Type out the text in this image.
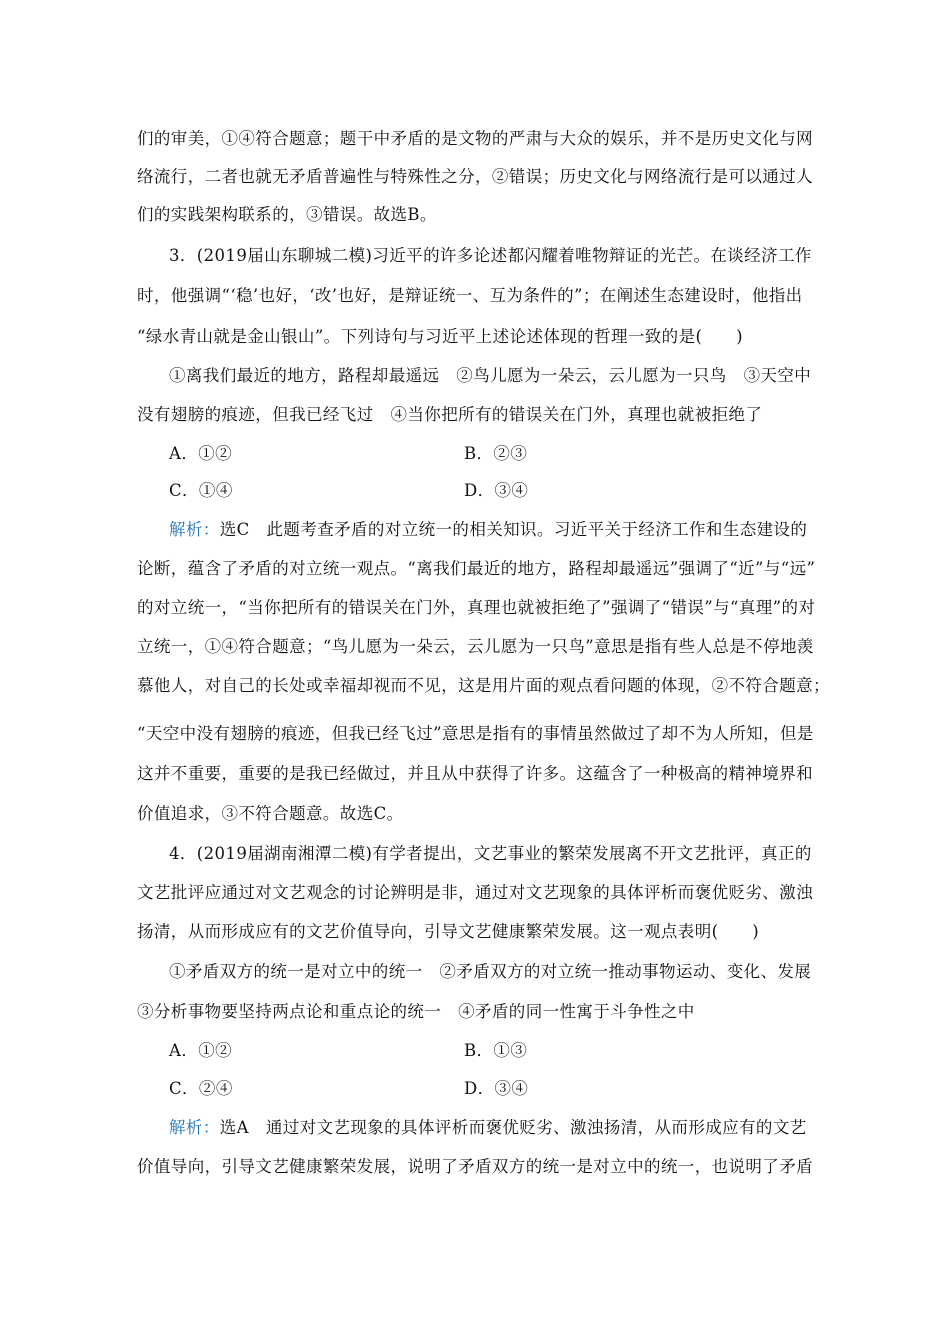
们的审美，①④符合题意；题干中矛盾的是文物的严肃与大众的娱乐，并不是历史文化与网
络流行，二者也就无矛盾普遍性与特殊性之分，②错误；历史文化与网络流行是可以通过人
们的实践架构联系的，③错误。故选B。
3．(2019届山东聊城二模)习近平的许多论述都闪耀着唯物辩证的光芒。在谈经济工作
时，他强调“‘稳’也好，‘改’也好，是辩证统一、互为条件的”；在阐述生态建设时，他指出
“绿水青山就是金山银山”。下列诗句与习近平上述论述体现的哲理一致的是(　　)
①离我们最近的地方，路程却最遥远　②鸟儿愿为一朵云，云儿愿为一只鸟　③天空中
没有翅膀的痕迹，但我已经飞过　④当你把所有的错误关在门外，真理也就被拒绝了
A．①②	B．②③
C．①④	D．③④
解析：选C　此题考查矛盾的对立统一的相关知识。习近平关于经济工作和生态建设的
论断，蕴含了矛盾的对立统一观点。“离我们最近的地方，路程却最遥远”强调了“近”与“远”
的对立统一，“当你把所有的错误关在门外，真理也就被拒绝了”强调了“错误”与“真理”的对
立统一，①④符合题意；“鸟儿愿为一朵云，云儿愿为一只鸟”意思是指有些人总是不停地羡
慕他人，对自己的长处或幸福却视而不见，这是用片面的观点看问题的体现，②不符合题意；
“天空中没有翅膀的痕迹，但我已经飞过”意思是指有的事情虽然做过了却不为人所知，但是
这并不重要，重要的是我已经做过，并且从中获得了许多。这蕴含了一种极高的精神境界和
价值追求，③不符合题意。故选C。
4．(2019届湖南湘潭二模)有学者提出，文艺事业的繁荣发展离不开文艺批评，真正的
文艺批评应通过对文艺观念的讨论辨明是非，通过对文艺现象的具体评析而褒优贬劣、激浊
扬清，从而形成应有的文艺价值导向，引导文艺健康繁荣发展。这一观点表明(　　)
①矛盾双方的统一是对立中的统一　②矛盾双方的对立统一推动事物运动、变化、发展
③分析事物要坚持两点论和重点论的统一　④矛盾的同一性寓于斗争性之中
A．①②	B．①③
C．②④	D．③④
解析：选A　通过对文艺现象的具体评析而褒优贬劣、激浊扬清，从而形成应有的文艺
价值导向，引导文艺健康繁荣发展，说明了矛盾双方的统一是对立中的统一，也说明了矛盾
